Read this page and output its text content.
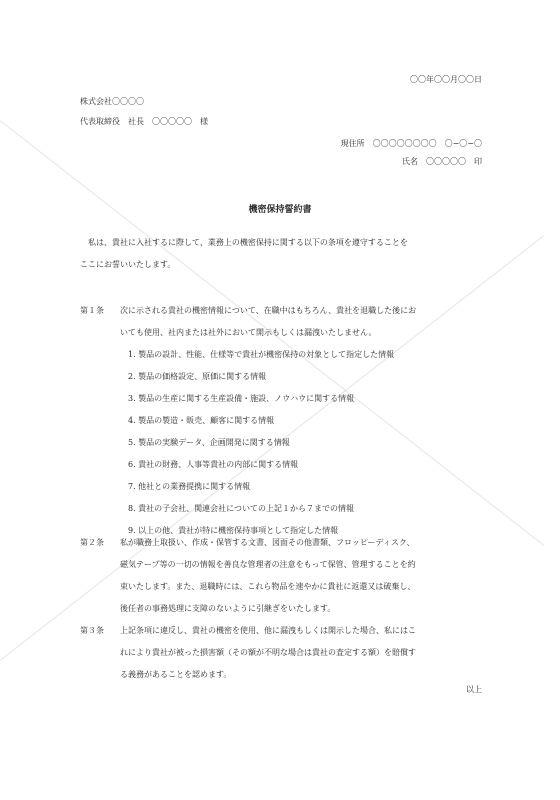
​
〇〇年〇〇月〇〇日
株式会社〇〇〇〇
代表取締役　社長　〇〇〇〇〇　様
現住所　〇〇〇〇〇〇〇〇　〇−〇−〇
氏名　〇〇〇〇〇　印
機密保持誓約書
私は、貴社に入社するに際して、業務上の機密保持に関する以下の条項を遵守することを
ここにお誓いいたします。
第１条	次に示される貴社の機密情報について、在職中はもちろん、貴社を退職した後にお
いても使用、社内または社外において開示もしくは漏洩いたしません。
1. 製品の設計、性能、仕様等で貴社が機密保持の対象として指定した情報
2. 製品の価格設定、原価に関する情報
3. 製品の生産に関する生産設備・施設、ノウハウに関する情報
4. 製品の製造・販売、顧客に関する情報
5. 製品の実験データ、企画開発に関する情報
6. 貴社の財務、人事等貴社の内部に関する情報
7. 他社との業務提携に関する情報
8. 貴社の子会社、関連会社についての上記１から７までの情報
9. 以上の他、貴社が特に機密保持事項として指定した情報
第２条	私が職務上取扱い、作成・保管する文書、図面その他書類、フロッピーディスク、
磁気テープ等の一切の情報を善良な管理者の注意をもって保管、管理することを約
束いたします。また、退職時には、これら物品を速やかに貴社に返還又は破棄し、
後任者の事務処理に支障のないように引継ぎをいたします。
第３条	上記条項に違反し、貴社の機密を使用、他に漏洩もしくは開示した場合、私にはこ
れにより貴社が被った損害額（その額が不明な場合は貴社の査定する額）を賠償す
る義務があることを認めます。
以上
